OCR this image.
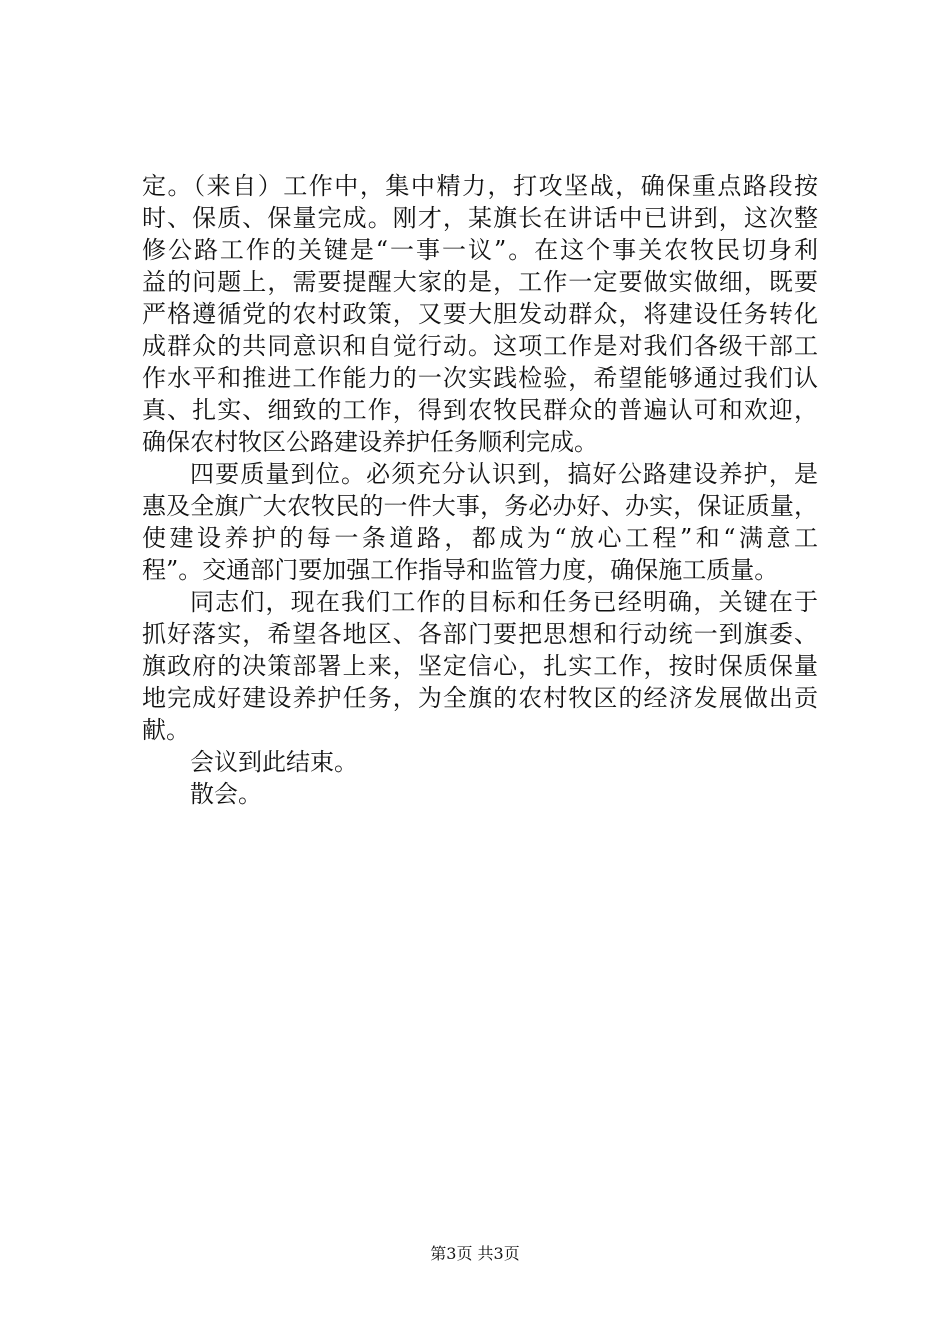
定。（来自）工作中，集中精力，打攻坚战，确保重点路段按
时、保质、保量完成。刚才，某旗长在讲话中已讲到，这次整
修公路工作的关键是“一事一议”。在这个事关农牧民切身利
益的问题上，需要提醒大家的是，工作一定要做实做细，既要
严格遵循党的农村政策，又要大胆发动群众，将建设任务转化
成群众的共同意识和自觉行动。这项工作是对我们各级干部工
作水平和推进工作能力的一次实践检验，希望能够通过我们认
真、扎实、细致的工作，得到农牧民群众的普遍认可和欢迎，
确保农村牧区公路建设养护任务顺利完成。
四要质量到位。必须充分认识到，搞好公路建设养护，是
惠及全旗广大农牧民的一件大事，务必办好、办实，保证质量，
使建设养护的每一条道路，都成为“放心工程”和“满意工
程”。交通部门要加强工作指导和监管力度，确保施工质量。
同志们，现在我们工作的目标和任务已经明确，关键在于
抓好落实，希望各地区、各部门要把思想和行动统一到旗委、
旗政府的决策部署上来，坚定信心，扎实工作，按时保质保量
地完成好建设养护任务，为全旗的农村牧区的经济发展做出贡
献。
会议到此结束。
散会。
第3页 共3页
